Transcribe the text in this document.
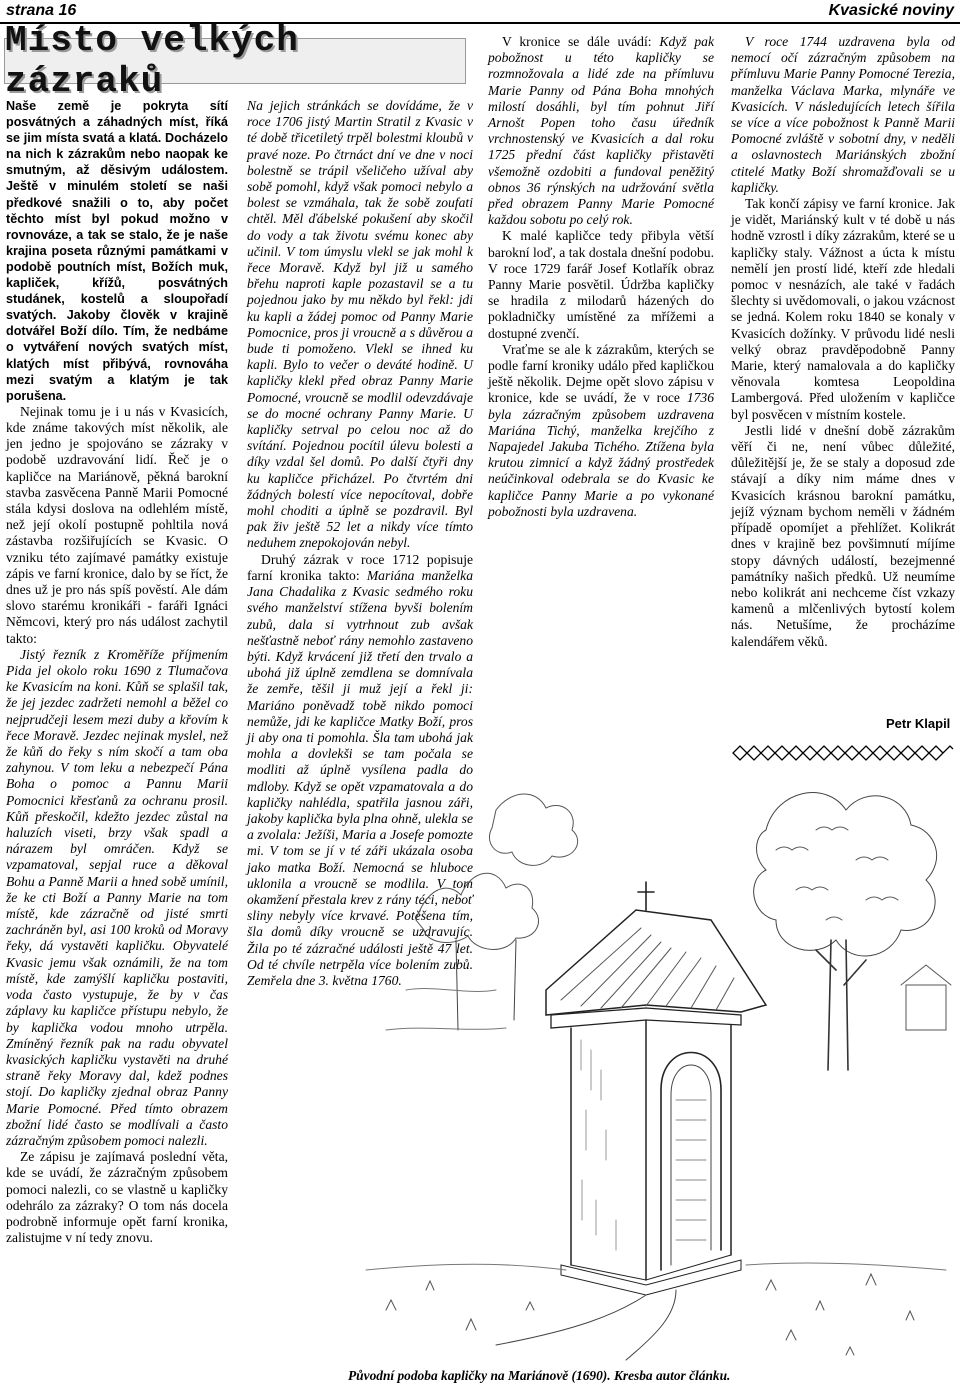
strana 16	Kvasické noviny
Místo velkých zázraků

Naše země je pokryta sítí posvátných a záhadných míst, říká se jim místa svatá a klatá. Docházelo na nich k zázrakům nebo naopak ke smutným, až děsivým událostem. Ještě v minulém století se naši předkové snažili o to, aby počet těchto míst byl pokud možno v rovnováze, a tak se stalo, že je naše krajina poseta různými památkami v podobě poutních míst, Božích muk, kapliček, křížů, posvátných studánek, kostelů a sloupořadí svatých. Jakoby člověk v krajině dotvářel Boží dílo. Tím, že nedbáme o vytváření nových svatých míst, klatých míst přibývá, rovnováha mezi svatým a klatým je tak porušena.

Nejinak tomu je i u nás v Kvasicích, kde známe takových míst několik, ale jen jedno je spojováno se zázraky v podobě uzdravování lidí. Řeč je o kapličce na Mariánově, pěkná barokní stavba zasvěcena Panně Marii Pomocné stála kdysi doslova na odlehlém místě, než její okolí postupně pohltila nová zástavba rozšiřujících se Kvasic. O vzniku této zajímavé památky existuje zápis ve farní kronice, dalo by se říct, že dnes už je pro nás spíš pověstí. Ale dám slovo starému kronikáři - faráři Ignáci Němcovi, který pro nás událost zachytil takto:

Jistý řezník z Kroměříže příjmením Pida jel okolo roku 1690 z Tlumačova ke Kvasicím na koni. Kůň se splašil tak, že jej jezdec zadržeti nemohl a běžel co nejprudčeji lesem mezi duby a křovím k řece Moravě. Jezdec nejinak myslel, než že kůň do řeky s ním skočí a tam oba zahynou. V tom leku a nebezpečí Pána Boha o pomoc a Pannu Marii Pomocnici křesťanů za ochranu prosil. Kůň přeskočil, kdežto jezdec zůstal na haluzích viseti, brzy však spadl a nárazem byl omráčen. Když se vzpamatoval, sepjal ruce a děkoval Bohu a Panně Marii a hned sobě umínil, že ke cti Boží a Panny Marie na tom místě, kde zázračně od jisté smrti zachráněn byl, asi 100 kroků od Moravy řeky, dá vystavěti kapličku. Obyvatelé Kvasic jemu však oznámili, že na tom místě, kde zamýšlí kapličku postaviti, voda často vystupuje, že by v čas záplavy ku kapličce přístupu nebylo, že by kaplička vodou mnoho utrpěla. Zmíněný řezník pak na radu obyvatel kvasických kapličku vystavěti na druhé straně řeky Moravy dal, kdež podnes stojí. Do kapličky zjednal obraz Panny Marie Pomocné. Před tímto obrazem zbožní lidé často se modlívali a často zázračným způsobem pomoci nalezli.

Ze zápisu je zajímavá poslední věta, kde se uvádí, že zázračným způsobem pomoci nalezli, co se vlastně u kapličky odehrálo za zázraky? O tom nás docela podrobně informuje opět farní kronika, zalistujme v ní tedy znovu.

Na jejich stránkách se dovídáme, že v roce 1706 jistý Martin Stratil z Kvasic v té době třicetiletý trpěl bolestmi kloubů v pravé noze. Po čtrnáct dní ve dne v noci bolestně se trápil všeličeho užíval aby sobě pomohl, když však pomoci nebylo a bolest se vzmáhala, tak že sobě zoufati chtěl. Měl ďábelské pokušení aby skočil do vody a tak životu svému konec aby učinil. V tom úmyslu vlekl se jak mohl k řece Moravě. Když byl již u samého břehu naproti kaple pozastavil se a tu pojednou jako by mu někdo byl řekl: jdi ku kapli a žádej pomoc od Panny Marie Pomocnice, pros ji vroucně a s důvěrou a bude ti pomoženo. Vlekl se ihned ku kapli. Bylo to večer o deváté hodině. U kapličky klekl před obraz Panny Marie Pomocné, vroucně se modlil odevzdávaje se do mocné ochrany Panny Marie. U kapličky setrval po celou noc až do svítání. Pojednou pocítil úlevu bolesti a díky vzdal šel domů. Po další čtyři dny ku kapličce přicházel. Po čtvrtém dni žádných bolestí více nepocítoval, dobře mohl choditi a úplně se pozdravil. Byl pak živ ještě 52 let a nikdy více tímto neduhem znepokojován nebyl.

Druhý zázrak v roce 1712 popisuje farní kronika takto: Mariána manželka Jana Chadalika z Kvasic sedmého roku svého manželství stížena byvši bolením zubů, dala si vytrhnout zub avšak nešťastně neboť rány nemohlo zastaveno býti. Když krvácení již třetí den trvalo a ubohá již úplně zemdlena se domnívala že zemře, těšil ji muž její a řekl ji: Mariáno poněvadž tobě nikdo pomoci nemůže, jdi ke kapličce Matky Boží, pros ji aby ona ti pomohla. Šla tam ubohá jak mohla a dovlekši se tam počala se modliti až úplně vysílena padla do mdloby. Když se opět vzpamatovala a do kapličky nahlédla, spatřila jasnou záři, jakoby kaplička byla plna ohně, ulekla se a zvolala: Ježíši, Maria a Josefe pomozte mi. V tom se jí v té záři ukázala osoba jako matka Boží. Nemocná se hluboce uklonila a vroucně se modlila. V tom okamžení přestala krev z rány téci, neboť sliny nebyly více krvavé. Potěšena tím, šla domů díky vroucně se uzdravujíc. Žila po té zázračné události ještě 47 let. Od té chvíle netrpěla více bolením zubů. Zemřela dne 3. května 1760.

V kronice se dále uvádí: Když pak pobožnost u této kapličky se rozmnožovala a lidé zde na přímluvu Marie Panny od Pána Boha mnohých milostí dosáhli, byl tím pohnut Jiří Arnošt Popen toho času úředník vrchnostenský ve Kvasicích a dal roku 1725 přední část kapličky přistavěti všemožně ozdobiti a fundoval peněžitý obnos 36 rýnských na udržování světla před obrazem Panny Marie Pomocné každou sobotu po celý rok.

K malé kapličce tedy přibyla větší barokní loď, a tak dostala dnešní podobu. V roce 1729 farář Josef Kotlařík obraz Panny Marie posvětil. Údržba kapličky se hradila z milodarů házených do pokladničky umístěné za mřížemi a dostupné zvenčí.

Vraťme se ale k zázrakům, kterých se podle farní kroniky událo před kapličkou ještě několik. Dejme opět slovo zápisu v kronice, kde se uvádí, že v roce 1736 byla zázračným způsobem uzdravena Mariána Tichý, manželka krejčího z Napajedel Jakuba Tichého. Ztížena byla krutou zimnicí a když žádný prostředek neúčinkoval odebrala se do Kvasic ke kapličce Panny Marie a po vykonané pobožnosti byla uzdravena.

V roce 1744 uzdravena byla od nemocí očí zázračným způsobem na přímluvu Marie Panny Pomocné Terezia, manželka Václava Marka, mlynáře ve Kvasicích. V následujících letech šířila se více a více pobožnost k Panně Marii Pomocné zvláště v sobotní dny, v neděli a oslavnostech Mariánských zbožní ctitelé Matky Boží shromažďovali se u kapličky.

Tak končí zápisy ve farní kronice. Jak je vidět, Mariánský kult v té době u nás hodně vzrostl i díky zázrakům, které se u kapličky staly. Vážnost a úcta k místu nemělí jen prostí lidé, kteří zde hledali pomoc v nesnázích, ale také v řadách šlechty si uvědomovali, o jakou vzácnost se jedná. Kolem roku 1840 se konaly v Kvasicích dožínky. V průvodu lidé nesli velký obraz pravděpodobně Panny Marie, který namalovala a do kapličky věnovala komtesa Leopoldina Lambergová. Před uložením v kapličce byl posvěcen v místním kostele.

Jestli lidé v dnešní době zázrakům věří či ne, není vůbec důležité, důležitější je, že se staly a doposud zde stávají a díky nim máme dnes v Kvasicích krásnou barokní památku, jejíž význam bychom neměli v žádném případě opomíjet a přehlížet. Kolikrát dnes v krajině bez povšimnutí míjíme stopy dávných událostí, bezejmenné památníky našich předků. Už neumíme nebo kolikrát ani nechceme číst vzkazy kamenů a mlčenlivých bytostí kolem nás. Netušíme, že procházíme kalendářem věků.

Petr Klapil
Původní podoba kapličky na Mariánově (1690). Kresba autor článku.
